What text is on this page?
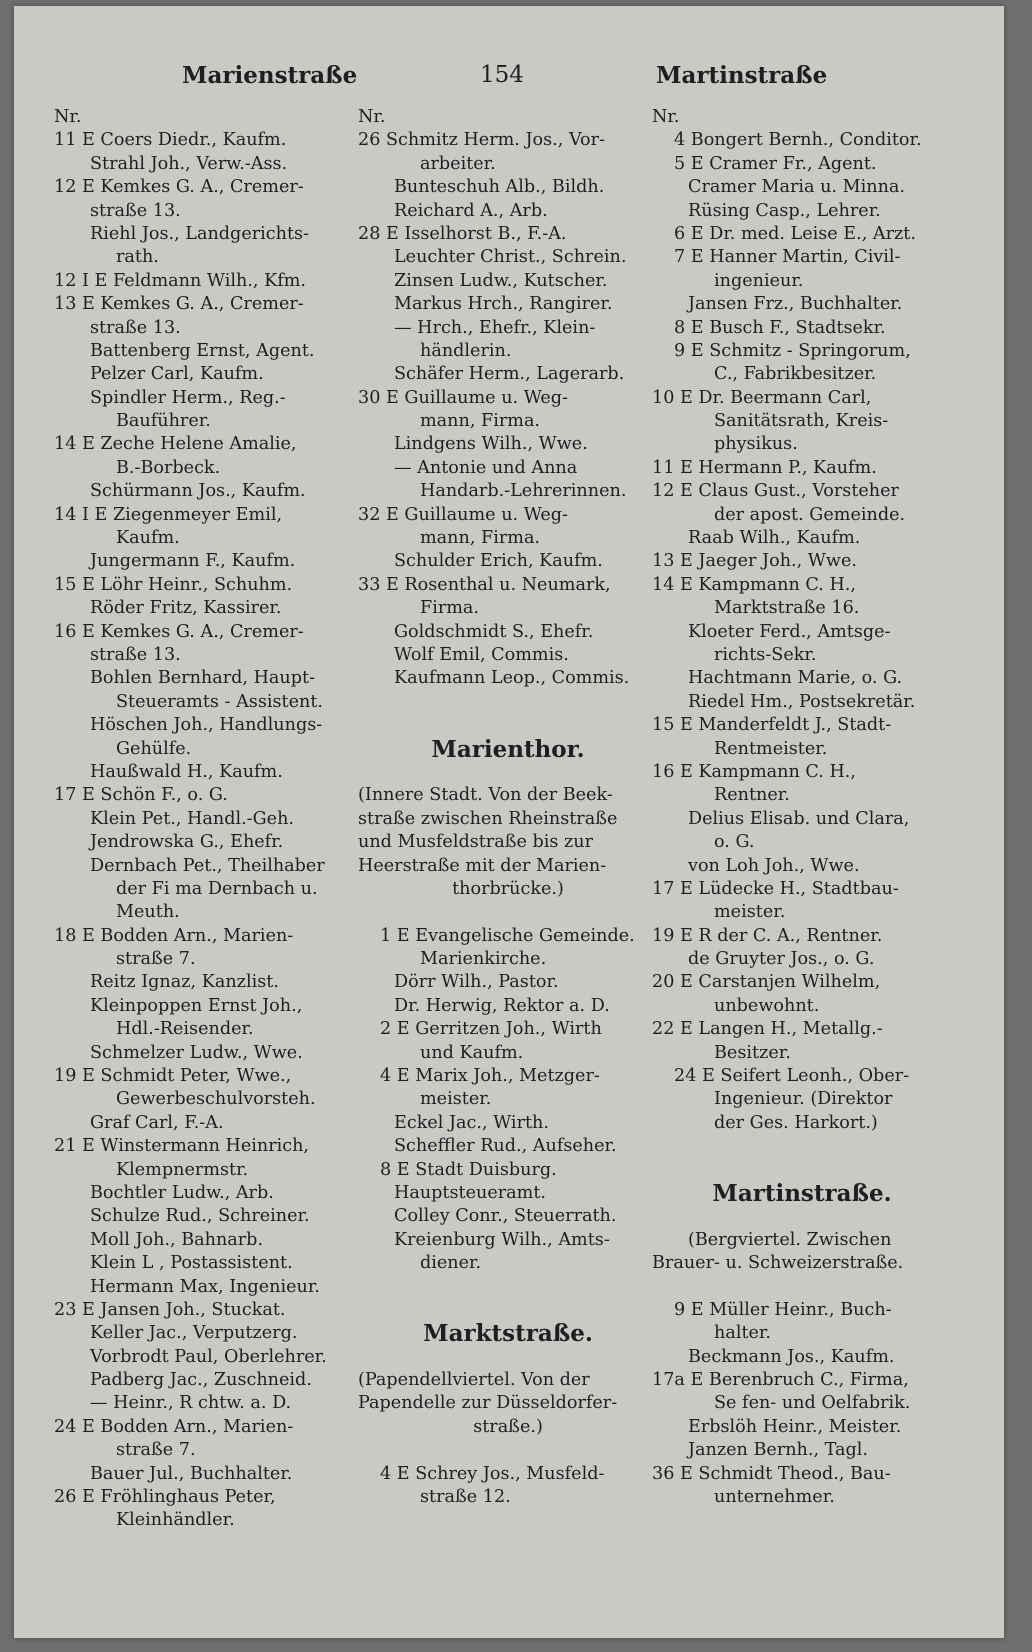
Marienstraße	154	Martinstraße
Nr.
11 E Coers Diedr., Kaufm.
Strahl Joh., Verw.-Ass.
12 E Kemkes G. A., Cremer-
straße 13.
Riehl Jos., Landgerichts-
rath.
12 I E Feldmann Wilh., Kfm.
13 E Kemkes G. A., Cremer-
straße 13.
Battenberg Ernst, Agent.
Pelzer Carl, Kaufm.
Spindler Herm., Reg.-
Bauführer.
14 E Zeche Helene Amalie,
B.-Borbeck.
Schürmann Jos., Kaufm.
14 I E Ziegenmeyer Emil,
Kaufm.
Jungermann F., Kaufm.
15 E Löhr Heinr., Schuhm.
Röder Fritz, Kassirer.
16 E Kemkes G. A., Cremer-
straße 13.
Bohlen Bernhard, Haupt-
Steueramts - Assistent.
Höschen Joh., Handlungs-
Gehülfe.
Haußwald H., Kaufm.
17 E Schön F., o. G.
Klein Pet., Handl.-Geh.
Jendrowska G., Ehefr.
Dernbach Pet., Theilhaber
der Fi ma Dernbach u.
Meuth.
18 E Bodden Arn., Marien-
straße 7.
Reitz Ignaz, Kanzlist.
Kleinpoppen Ernst Joh.,
Hdl.-Reisender.
Schmelzer Ludw., Wwe.
19 E Schmidt Peter, Wwe.,
Gewerbeschulvorsteh.
Graf Carl, F.-A.
21 E Winstermann Heinrich,
Klempnermstr.
Bochtler Ludw., Arb.
Schulze Rud., Schreiner.
Moll Joh., Bahnarb.
Klein L , Postassistent.
Hermann Max, Ingenieur.
23 E Jansen Joh., Stuckat.
Keller Jac., Verputzerg.
Vorbrodt Paul, Oberlehrer.
Padberg Jac., Zuschneid.
— Heinr., R chtw. a. D.
24 E Bodden Arn., Marien-
straße 7.
Bauer Jul., Buchhalter.
26 E Fröhlinghaus Peter,
Kleinhändler.
Nr.
26 Schmitz Herm. Jos., Vor-
arbeiter.
Bunteschuh Alb., Bildh.
Reichard A., Arb.
28 E Isselhorst B., F.-A.
Leuchter Christ., Schrein.
Zinsen Ludw., Kutscher.
Markus Hrch., Rangirer.
— Hrch., Ehefr., Klein-
händlerin.
Schäfer Herm., Lagerarb.
30 E Guillaume u. Weg-
mann, Firma.
Lindgens Wilh., Wwe.
— Antonie und Anna
Handarb.-Lehrerinnen.
32 E Guillaume u. Weg-
mann, Firma.
Schulder Erich, Kaufm.
33 E Rosenthal u. Neumark,
Firma.
Goldschmidt S., Ehefr.
Wolf Emil, Commis.
Kaufmann Leop., Commis.
Marienthor.
(Innere Stadt. Von der Beek-
straße zwischen Rheinstraße
und Musfeldstraße bis zur
Heerstraße mit der Marien-
thorbrücke.)
1 E Evangelische Gemeinde.
Marienkirche.
Dörr Wilh., Pastor.
Dr. Herwig, Rektor a. D.
2 E Gerritzen Joh., Wirth
und Kaufm.
4 E Marix Joh., Metzger-
meister.
Eckel Jac., Wirth.
Scheffler Rud., Aufseher.
8 E Stadt Duisburg.
Hauptsteueramt.
Colley Conr., Steuerrath.
Kreienburg Wilh., Amts-
diener.
Marktstraße.
(Papendellviertel. Von der
Papendelle zur Düsseldorfer-
straße.)
4 E Schrey Jos., Musfeld-
straße 12.
Nr.
4 Bongert Bernh., Conditor.
5 E Cramer Fr., Agent.
Cramer Maria u. Minna.
Rüsing Casp., Lehrer.
6 E Dr. med. Leise E., Arzt.
7 E Hanner Martin, Civil-
ingenieur.
Jansen Frz., Buchhalter.
8 E Busch F., Stadtsekr.
9 E Schmitz - Springorum,
C., Fabrikbesitzer.
10 E Dr. Beermann Carl,
Sanitätsrath, Kreis-
physikus.
11 E Hermann P., Kaufm.
12 E Claus Gust., Vorsteher
der apost. Gemeinde.
Raab Wilh., Kaufm.
13 E Jaeger Joh., Wwe.
14 E Kampmann C. H.,
Marktstraße 16.
Kloeter Ferd., Amtsge-
richts-Sekr.
Hachtmann Marie, o. G.
Riedel Hm., Postsekretär.
15 E Manderfeldt J., Stadt-
Rentmeister.
16 E Kampmann C. H.,
Rentner.
Delius Elisab. und Clara,
o. G.
von Loh Joh., Wwe.
17 E Lüdecke H., Stadtbau-
meister.
19 E R der C. A., Rentner.
de Gruyter Jos., o. G.
20 E Carstanjen Wilhelm,
unbewohnt.
22 E Langen H., Metallg.-
Besitzer.
24 E Seifert Leonh., Ober-
Ingenieur. (Direktor
der Ges. Harkort.)
Martinstraße.
(Bergviertel. Zwischen
Brauer- u. Schweizerstraße.
9 E Müller Heinr., Buch-
halter.
Beckmann Jos., Kaufm.
17a E Berenbruch C., Firma,
Se fen- und Oelfabrik.
Erbslöh Heinr., Meister.
Janzen Bernh., Tagl.
36 E Schmidt Theod., Bau-
unternehmer.
